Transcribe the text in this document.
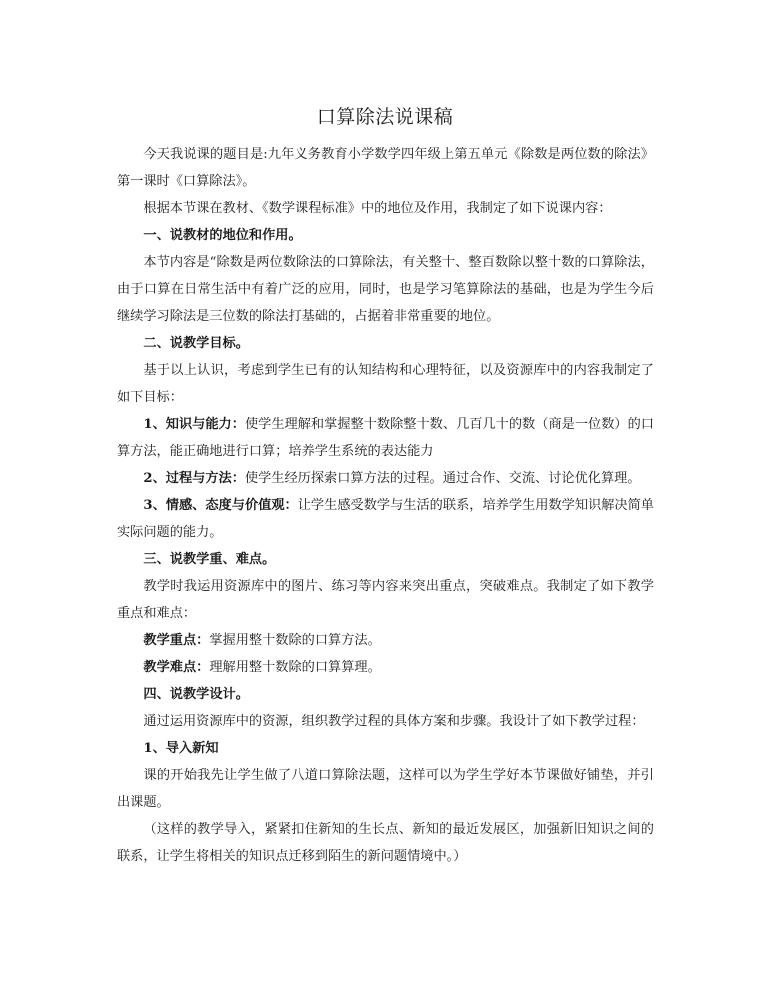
口算除法说课稿

今天我说课的题目是:九年义务教育小学数学四年级上第五单元《除数是两位数的除法》第一课时《口算除法》。

根据本节课在教材、《数学课程标准》中的地位及作用，我制定了如下说课内容：

一、说教材的地位和作用。

本节内容是“除数是两位数除法的口算除法，有关整十、整百数除以整十数的口算除法，由于口算在日常生活中有着广泛的应用，同时，也是学习笔算除法的基础，也是为学生今后继续学习除法是三位数的除法打基础的，占据着非常重要的地位。

二、说教学目标。

基于以上认识，考虑到学生已有的认知结构和心理特征，以及资源库中的内容我制定了如下目标：

1、知识与能力：使学生理解和掌握整十数除整十数、几百几十的数（商是一位数）的口算方法，能正确地进行口算；培养学生系统的表达能力

2、过程与方法：使学生经历探索口算方法的过程。通过合作、交流、讨论优化算理。

3、情感、态度与价值观：让学生感受数学与生活的联系，培养学生用数学知识解决简单实际问题的能力。

三、说教学重、难点。

教学时我运用资源库中的图片、练习等内容来突出重点，突破难点。我制定了如下教学重点和难点：

教学重点：掌握用整十数除的口算方法。

教学难点：理解用整十数除的口算算理。

四、说教学设计。

通过运用资源库中的资源，组织教学过程的具体方案和步骤。我设计了如下教学过程：

1、导入新知

课的开始我先让学生做了八道口算除法题，这样可以为学生学好本节课做好铺垫，并引出课题。

（这样的教学导入，紧紧扣住新知的生长点、新知的最近发展区，加强新旧知识之间的联系，让学生将相关的知识点迁移到陌生的新问题情境中。）
